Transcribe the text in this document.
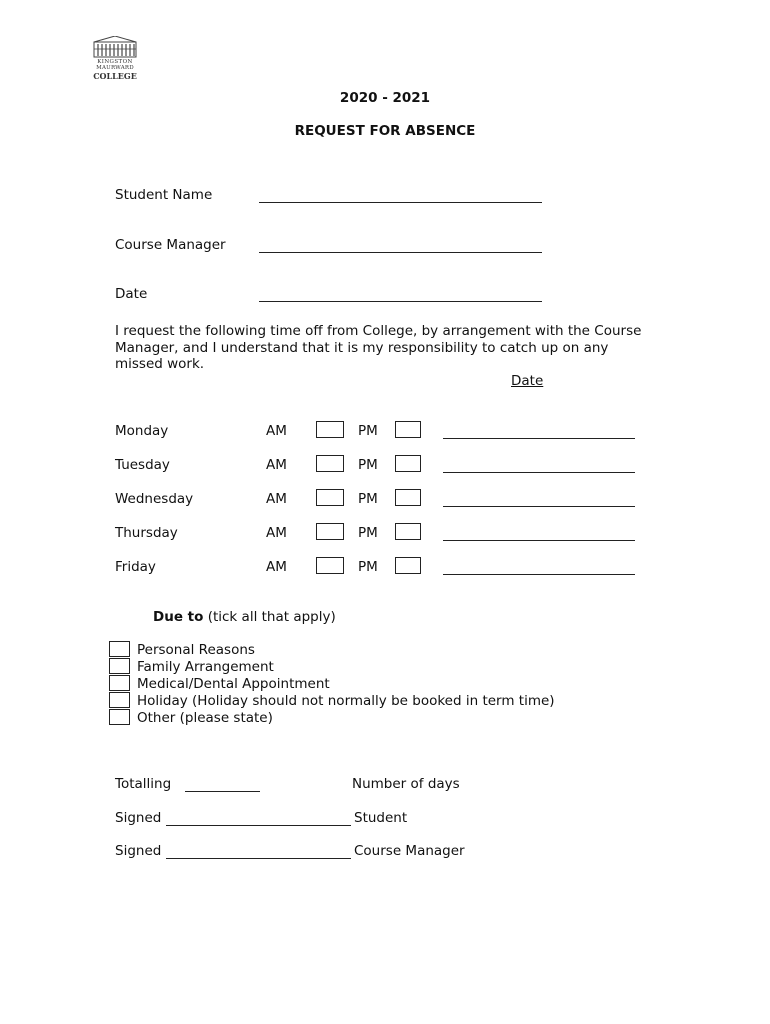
KINGSTON
MAURWARD
COLLEGE
2020 - 2021
REQUEST FOR ABSENCE
Student Name
Course Manager
Date
I request the following time off from College, by arrangement with the Course
Manager, and I understand that it is my responsibility to catch up on any
missed work.
Date
Monday	AM	PM
Tuesday	AM	PM
Wednesday	AM	PM
Thursday	AM	PM
Friday	AM	PM
Due to (tick all that apply)
Personal Reasons
Family Arrangement
Medical/Dental Appointment
Holiday (Holiday should not normally be booked in term time)
Other (please state)
Totalling	Number of days
Signed	Student
Signed	Course Manager
